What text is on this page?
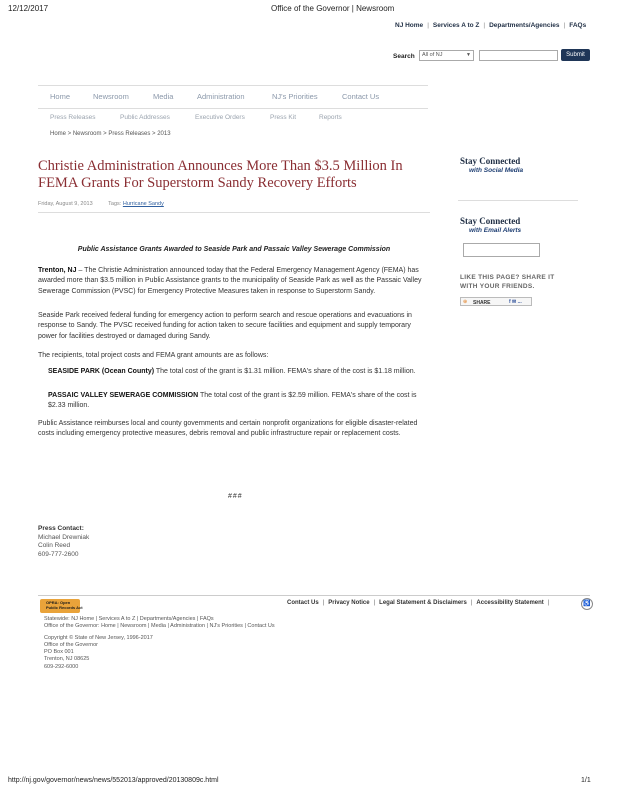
12/12/2017	Office of the Governor | Newsroom
NJ Home | Services A to Z | Departments/Agencies | FAQs
Search	All of NJ	▼	Submit
Home	Newsroom	Media	Administration	NJ's Priorities	Contact Us
Press Releases	Public Addresses	Executive Orders	Press Kit	Reports
Home > Newsroom > Press Releases > 2013
Christie Administration Announces More Than $3.5 Million In FEMA Grants For Superstorm Sandy Recovery Efforts
Friday, August 9, 2013	Tags: Hurricane Sandy
Public Assistance Grants Awarded to Seaside Park and Passaic Valley Sewerage Commission
Trenton, NJ – The Christie Administration announced today that the Federal Emergency Management Agency (FEMA) has awarded more than $3.5 million in Public Assistance grants to the municipality of Seaside Park as well as the Passaic Valley Sewerage Commission (PVSC) for Emergency Protective Measures taken in response to Superstorm Sandy.
Seaside Park received federal funding for emergency action to perform search and rescue operations and evacuations in response to Sandy. The PVSC received funding for action taken to secure facilities and equipment and supply temporary power for facilities destroyed or damaged during Sandy.
The recipients, total project costs and FEMA grant amounts are as follows:
SEASIDE PARK (Ocean County) The total cost of the grant is $1.31 million. FEMA's share of the cost is $1.18 million.
PASSAIC VALLEY SEWERAGE COMMISSION The total cost of the grant is $2.59 million. FEMA's share of the cost is $2.33 million.
Public Assistance reimburses local and county governments and certain nonprofit organizations for eligible disaster-related costs including emergency protective measures, debris removal and public infrastructure repair or replacement costs.
###
Press Contact:
Michael Drewniak
Colin Reed
609-777-2600
Stay Connected
with Social Media
Stay Connected
with Email Alerts
LIKE THIS PAGE? SHARE IT
WITH YOUR FRIENDS.
⊕ SHARE	f ✉ ...
OPRA: Open
Public Records Act
Contact Us | Privacy Notice | Legal Statement & Disclaimers | Accessibility Statement |	♿
Statewide: NJ Home | Services A to Z | Departments/Agencies | FAQs
Office of the Governor: Home | Newsroom | Media | Administration | NJ's Priorities | Contact Us

Copyright © State of New Jersey, 1996-2017
Office of the Governor
PO Box 001
Trenton, NJ 08625
609-292-6000
http://nj.gov/governor/news/news/552013/approved/20130809c.html	1/1
